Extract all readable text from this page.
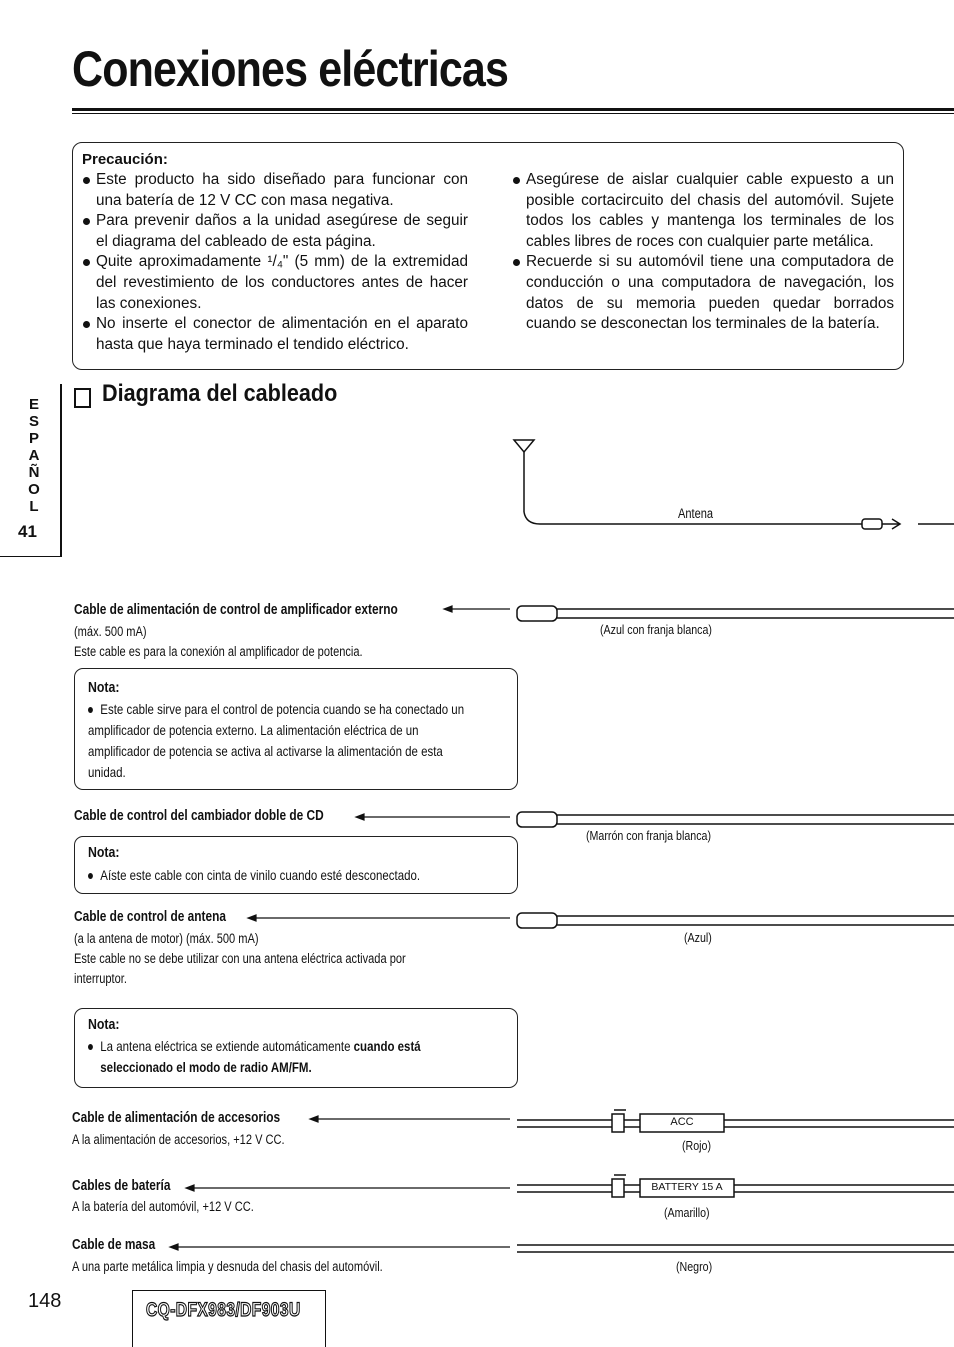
Conexiones eléctricas
Precaución:
Este producto ha sido diseñado para funcionar con una batería de 12 V CC con masa negativa.
Para prevenir daños a la unidad asegúrese de seguir el diagrama del cableado de esta página.
Quite aproximadamente ¹/₄" (5 mm) de la extremidad del revestimiento de los conductores antes de hacer las conexiones.
No inserte el conector de alimentación en el aparato hasta que haya terminado el tendido eléctrico.
Asegúrese de aislar cualquier cable expuesto a un posible cortacircuito del chasis del automóvil. Sujete todos los cables y mantenga los terminales de los cables libres de roces con cualquier parte metálica.
Recuerde si su automóvil tiene una computadora de conducción o una computadora de navegación, los datos de su memoria pueden quedar borrados cuando se desconectan los terminales de la batería.
E
S
P
A
Ñ
O
L
41
Diagrama del cableado
Antena
Cable de alimentación de control de amplificador externo
(máx. 500 mA)
Este cable es para la conexión al amplificador de potencia.
(Azul con franja blanca)
Nota:
Este cable sirve para el control de potencia cuando se ha conectado un amplificador de potencia externo. La alimentación eléctrica de un amplificador de potencia se activa al activarse la alimentación de esta unidad.
Cable de control del cambiador doble de CD
(Marrón con franja blanca)
Nota:
Aíste este cable con cinta de vinilo cuando esté desconectado.
Cable de control de antena
(a la antena de motor) (máx. 500 mA)
Este cable no se debe utilizar con una antena eléctrica activada por
interruptor.
(Azul)
Nota:
La antena eléctrica se extiende automáticamente cuando está
seleccionado el modo de radio AM/FM.
Cable de alimentación de accesorios
A la alimentación de accesorios, +12 V CC.
ACC
(Rojo)
Cables de batería
A la batería del automóvil, +12 V CC.
BATTERY 15 A
(Amarillo)
Cable de masa
A una parte metálica limpia y desnuda del chasis del automóvil.	(Negro)
148	CQ-DFX983/DF903U
